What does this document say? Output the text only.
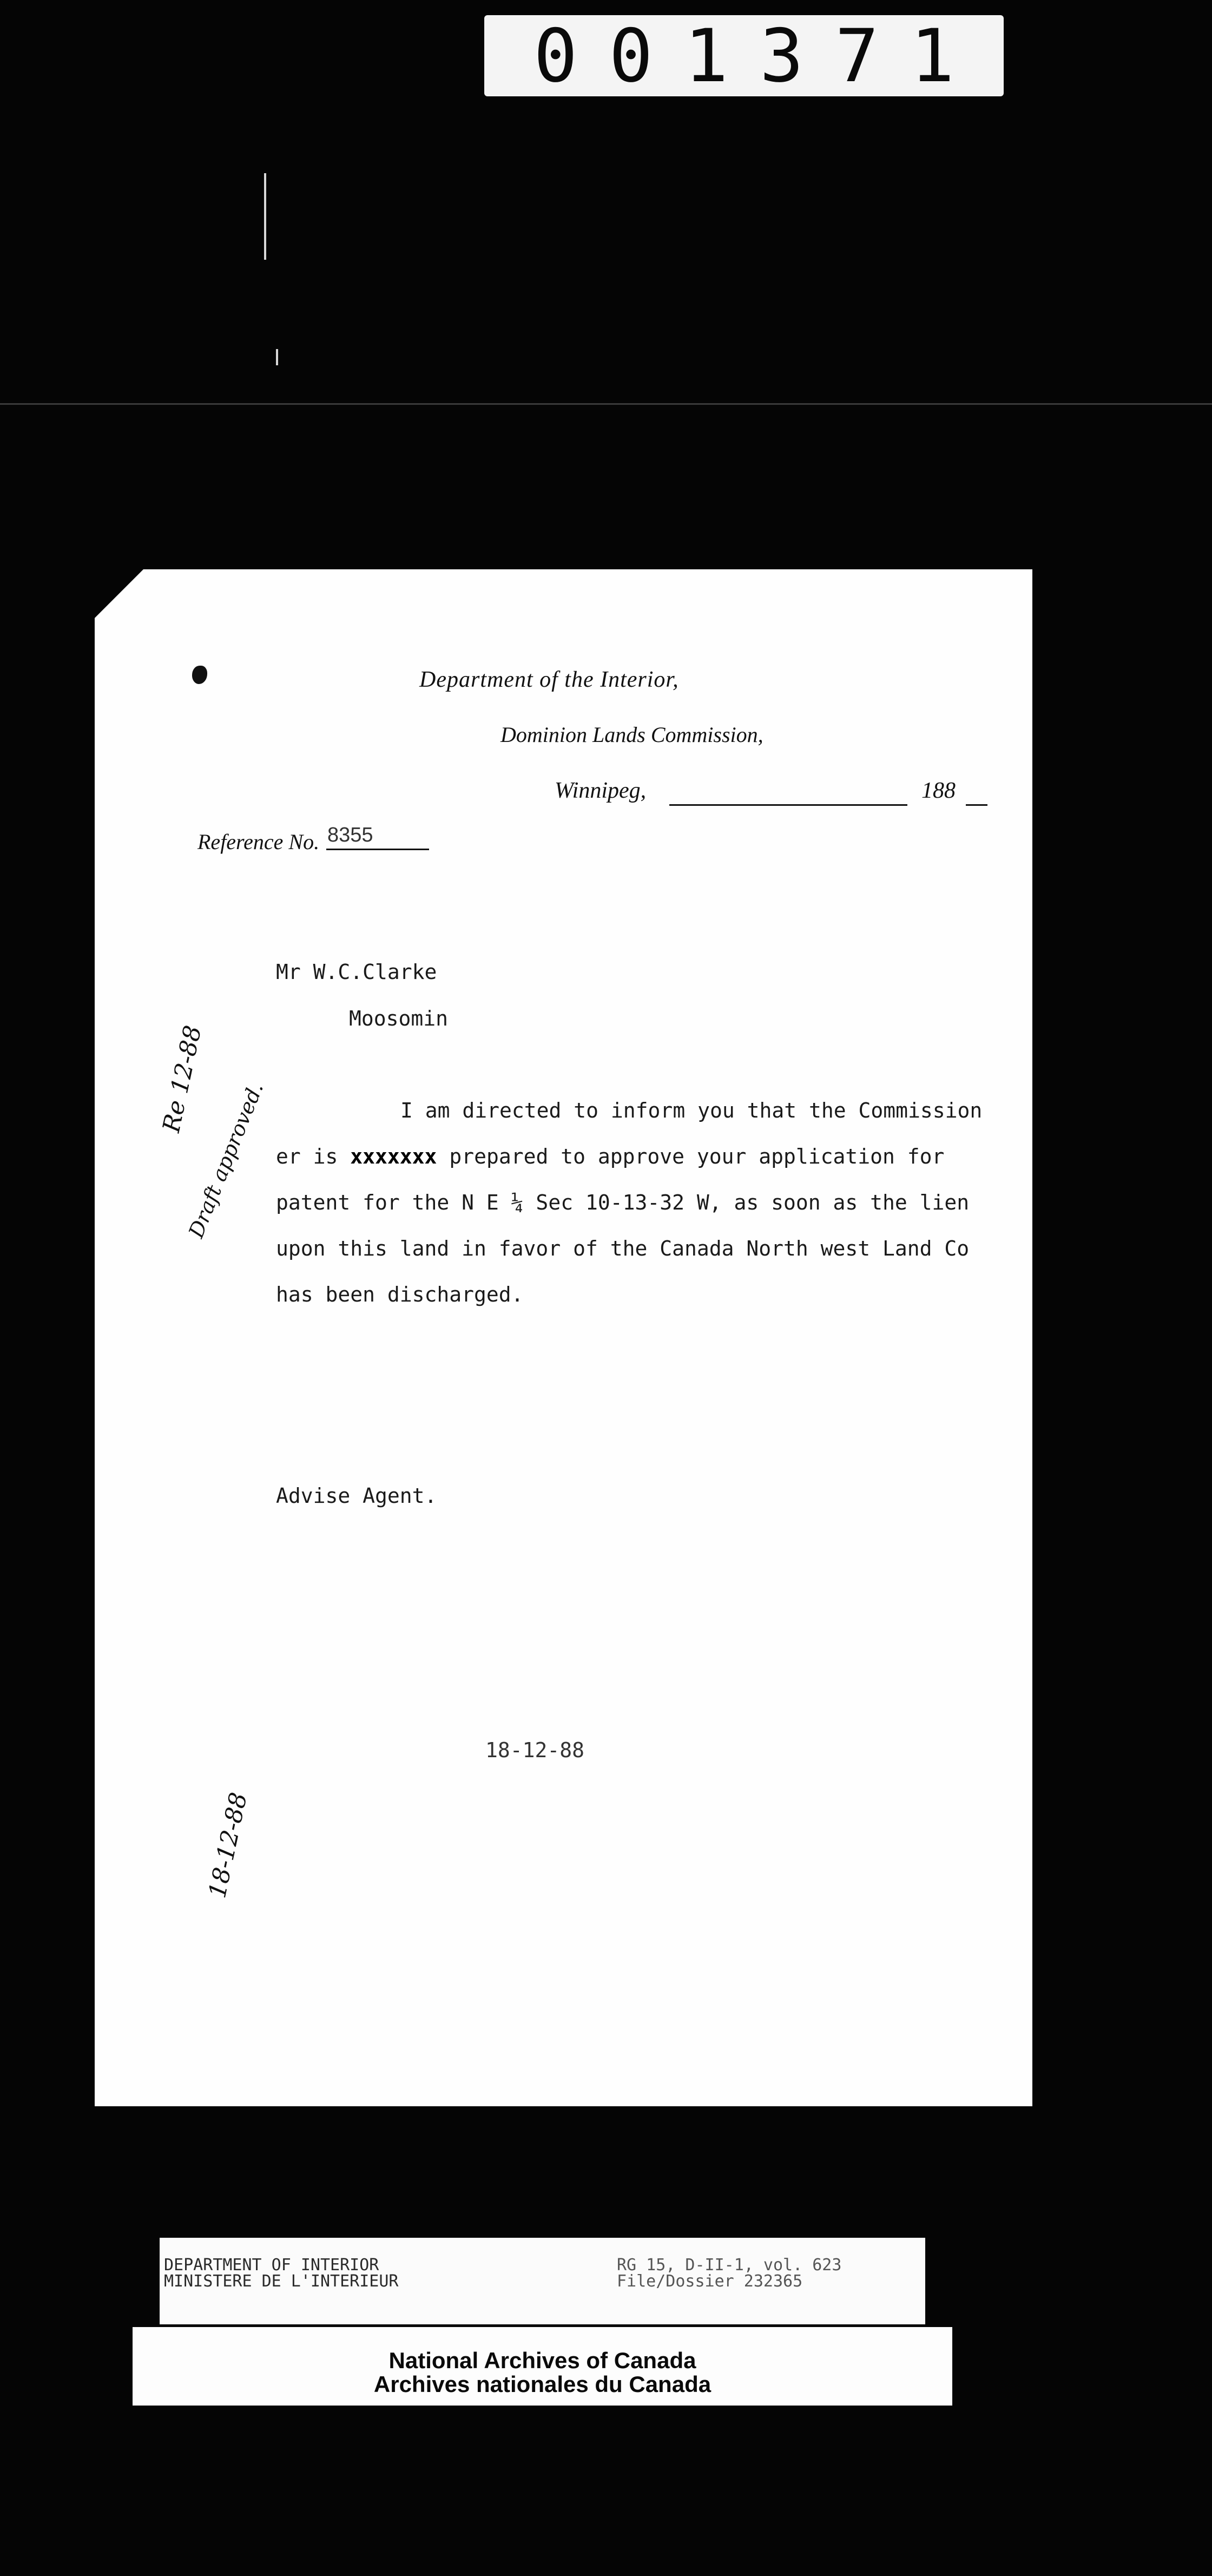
001371
Department of the Interior,
Dominion Lands Commission,
Winnipeg,	188
Reference No. 8355
Mr W.C.Clarke
Moosomin
I am directed to inform you that the Commission
er is xxxxxxx prepared to approve your application for
patent for the N E ¼ Sec 10-13-32 W, as soon as the lien
upon this land in favor of the Canada North west Land Co
has been discharged.
Advise Agent.
18-12-88
Draft approved.
Re 12-88
18-12-88
DEPARTMENT OF INTERIOR
MINISTERE DE L'INTERIEUR
RG 15, D-II-1, vol. 623
File/Dossier 232365
National Archives of Canada
Archives nationales du Canada
